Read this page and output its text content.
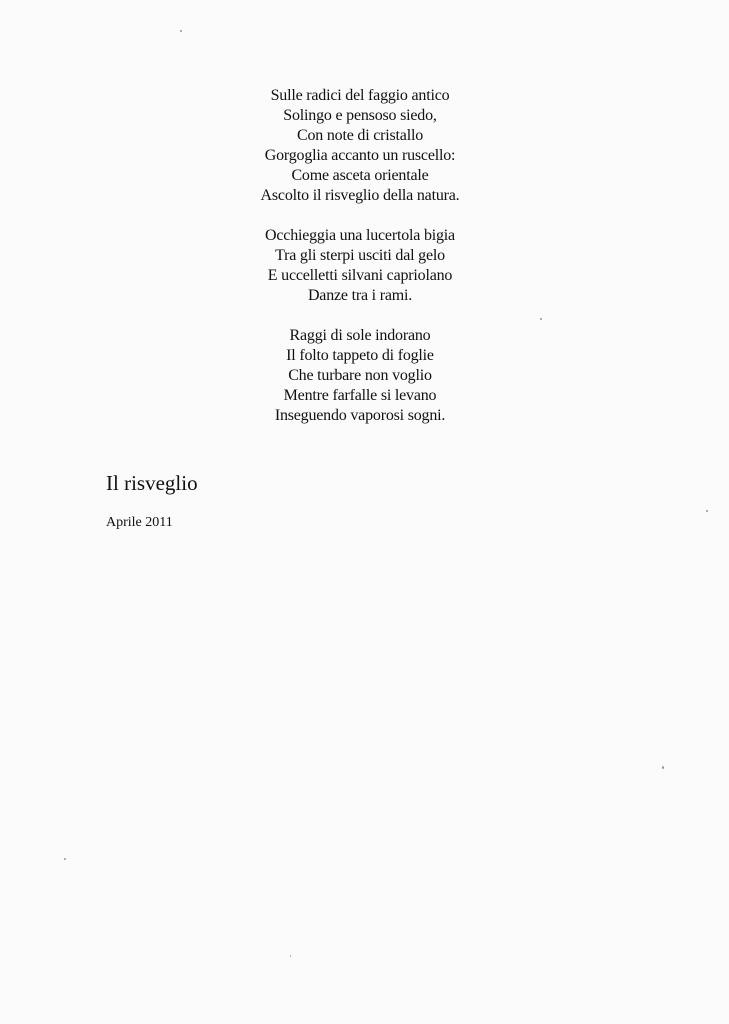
Sulle radici del faggio antico
Solingo e pensoso siedo,
Con note di cristallo
Gorgoglia accanto un ruscello:
Come asceta orientale
Ascolto il risveglio della natura.
Occhieggia una lucertola bigia
Tra gli sterpi usciti dal gelo
E uccelletti silvani capriolano
Danze tra i rami.
Raggi di sole indorano
Il folto tappeto di foglie
Che turbare non voglio
Mentre farfalle si levano
Inseguendo vaporosi sogni.
Il risveglio
Aprile 2011
